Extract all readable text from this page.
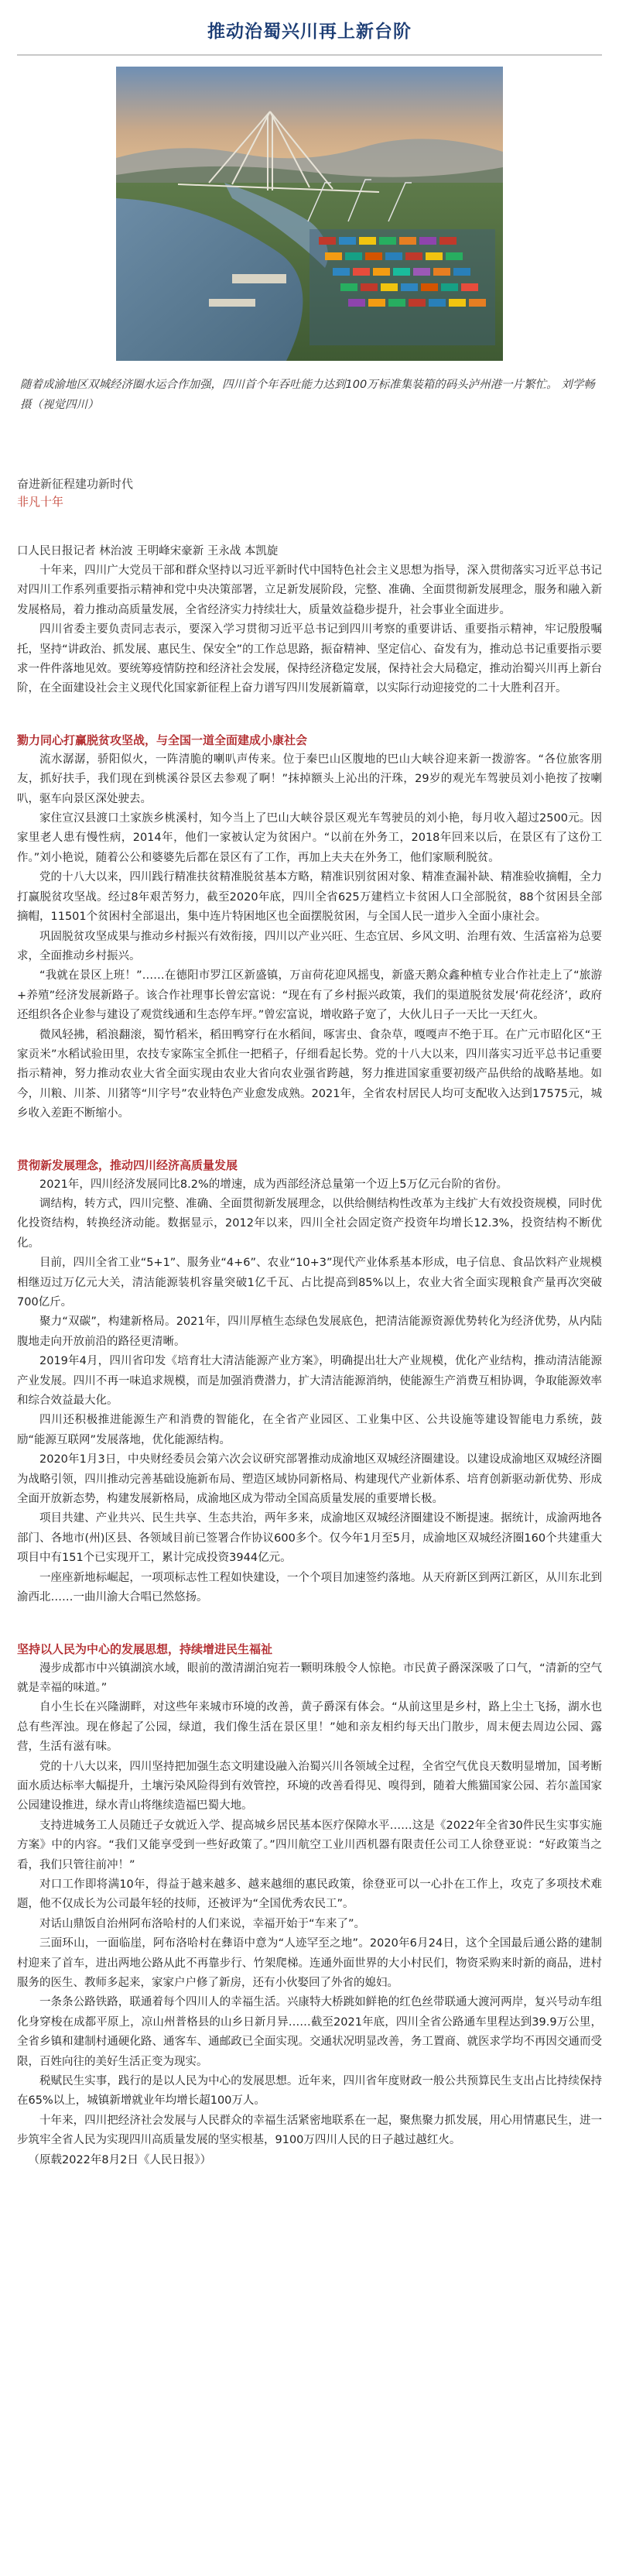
推动治蜀兴川再上新台阶
随着成渝地区双城经济圈水运合作加强，四川首个年吞吐能力达到100万标准集装箱的码头泸州港一片繁忙。 刘学畅 摄（视觉四川）
奋进新征程建功新时代
非凡十年
口人民日报记者 林治波 王明峰宋豪新 王永战 本凯旋

十年来，四川广大党员干部和群众坚持以习近平新时代中国特色社会主义思想为指导，深入贯彻落实习近平总书记对四川工作系列重要指示精神和党中央决策部署，立足新发展阶段，完整、准确、全面贯彻新发展理念，服务和融入新发展格局，着力推动高质量发展，全省经济实力持续壮大，质量效益稳步提升，社会事业全面进步。

四川省委主要负责同志表示，要深入学习贯彻习近平总书记到四川考察的重要讲话、重要指示精神，牢记殷殷嘱托，坚持“讲政治、抓发展、惠民生、保安全”的工作总思路，振奋精神、坚定信心、奋发有为，推动总书记重要指示要求一件件落地见效。要统筹疫情防控和经济社会发展，保持经济稳定发展，保持社会大局稳定，推动治蜀兴川再上新台阶，在全面建设社会主义现代化国家新征程上奋力谱写四川发展新篇章，以实际行动迎接党的二十大胜利召开。

勠力同心打赢脱贫攻坚战，与全国一道全面建成小康社会

流水潺潺，骄阳似火，一阵清脆的喇叭声传来。位于秦巴山区腹地的巴山大峡谷迎来新一拨游客。“各位旅客朋友，抓好扶手，我们现在到桃溪谷景区去参观了啊！”抹掉额头上沁出的汗珠，29岁的观光车驾驶员刘小艳按了按喇叭，驱车向景区深处驶去。

家住宣汉县渡口土家族乡桃溪村，知今当上了巴山大峡谷景区观光车驾驶员的刘小艳，每月收入超过2500元。因家里老人患有慢性病，2014年，他们一家被认定为贫困户。“以前在外务工，2018年回来以后，在景区有了这份工作。”刘小艳说，随着公公和婆婆先后都在景区有了工作，再加上夫夫在外务工，他们家顺利脱贫。

党的十八大以来，四川践行精准扶贫精准脱贫基本方略，精准识别贫困对象、精准查漏补缺、精准验收摘帽，全力打赢脱贫攻坚战。经过8年艰苦努力，截至2020年底，四川全省625万建档立卡贫困人口全部脱贫，88个贫困县全部摘帽，11501个贫困村全部退出，集中连片特困地区也全面摆脱贫困，与全国人民一道步入全面小康社会。

巩固脱贫攻坚成果与推动乡村振兴有效衔接，四川以产业兴旺、生态宜居、乡风文明、治理有效、生活富裕为总要求，全面推动乡村振兴。

“我就在景区上班！”……在德阳市罗江区新盛镇，万亩荷花迎风摇曳，新盛天鹅众鑫种植专业合作社走上了“旅游+养殖”经济发展新路子。该合作社理事长曾宏富说：“现在有了乡村振兴政策，我们的渠道脱贫发展‘荷花经济’，政府还组织各企业参与建设了观赏线通和生态停车坪。”曾宏富说，增收路子宽了，大伙儿日子一天比一天红火。

微风轻拂，稻浪翻滚，蜀竹稻米，稻田鸭穿行在水稻间，啄害虫、食杂草，嘎嘎声不绝于耳。在广元市昭化区“王家贡米”水稻试验田里，农技专家陈宝全抓住一把稻子，仔细看起长势。党的十八大以来，四川落实习近平总书记重要指示精神，努力推动农业大省全面实现由农业大省向农业强省跨越，努力推进国家重要初级产品供给的战略基地。如今，川粮、川茶、川猪等“川字号”农业特色产业愈发成熟。2021年，全省农村居民人均可支配收入达到17575元，城乡收入差距不断缩小。

贯彻新发展理念，推动四川经济高质量发展

2021年，四川经济发展同比8.2%的增速，成为西部经济总量第一个迈上5万亿元台阶的省份。

调结构，转方式，四川完整、准确、全面贯彻新发展理念，以供给侧结构性改革为主线扩大有效投资规模，同时优化投资结构，转换经济动能。数据显示，2012年以来，四川全社会固定资产投资年均增长12.3%，投资结构不断优化。

目前，四川全省工业“5+1”、服务业“4+6”、农业“10+3”现代产业体系基本形成，电子信息、食品饮料产业规模相继迈过万亿元大关，清洁能源装机容量突破1亿千瓦、占比提高到85%以上，农业大省全面实现粮食产量再次突破700亿斤。

聚力“双碳”，构建新格局。2021年，四川厚植生态绿色发展底色，把清洁能源资源优势转化为经济优势，从内陆腹地走向开放前沿的路径更清晰。

2019年4月，四川省印发《培育壮大清洁能源产业方案》，明确提出壮大产业规模，优化产业结构，推动清洁能源产业发展。四川不再一味追求规模，而是加强消费潜力，扩大清洁能源消纳，使能源生产消费互相协调，争取能源效率和综合效益最大化。

四川还积极推进能源生产和消费的智能化，在全省产业园区、工业集中区、公共设施等建设智能电力系统，鼓励“能源互联网”发展落地，优化能源结构。

2020年1月3日，中央财经委员会第六次会议研究部署推动成渝地区双城经济圈建设。以建设成渝地区双城经济圈为战略引领，四川推动完善基础设施新布局、塑造区域协同新格局、构建现代产业新体系、培育创新驱动新优势、形成全面开放新态势，构建发展新格局，成渝地区成为带动全国高质量发展的重要增长极。

项目共建、产业共兴、民生共享、生态共治，两年多来，成渝地区双城经济圈建设不断提速。据统计，成渝两地各部门、各地市(州)区县、各领域目前已签署合作协议600多个。仅今年1月至5月，成渝地区双城经济圈160个共建重大项目中有151个已实现开工，累计完成投资3944亿元。

一座座新地标崛起，一项项标志性工程如快建设，一个个项目加速签约落地。从天府新区到两江新区，从川东北到渝西北……一曲川渝大合唱已然悠扬。

坚持以人民为中心的发展思想，持续增进民生福祉

漫步成都市中兴镇湖滨水域，眼前的澂清湖泊宛若一颗明珠般令人惊艳。市民黄子爵深深吸了口气，“清新的空气就是幸福的味道。”

自小生长在兴隆湖畔，对这些年来城市环境的改善，黄子爵深有体会。“从前这里是乡村，路上尘土飞扬，湖水也总有些浑浊。现在修起了公园，绿道，我们像生活在景区里！”她和亲友相约每天出门散步，周末便去周边公园、露营，生活有滋有味。

党的十八大以来，四川坚持把加强生态文明建设融入治蜀兴川各领域全过程，全省空气优良天数明显增加，国考断面水质达标率大幅提升，土壤污染风险得到有效管控，环境的改善看得见、嗅得到，随着大熊猫国家公园、若尔盖国家公园建设推进，绿水青山将继续造福巴蜀大地。

支持进城务工人员随迁子女就近入学、提高城乡居民基本医疗保障水平……这是《2022年全省30件民生实事实施方案》中的内容。“我们又能享受到一些好政策了。”四川航空工业川西机器有限责任公司工人徐登亚说：“好政策当之看，我们只管往前冲！”

对口工作即将满10年，得益于越来越多、越来越细的惠民政策，徐登亚可以一心扑在工作上，攻克了多项技术难题，他不仅成长为公司最年轻的技师，还被评为“全国优秀农民工”。

对话山鼎饭自治州阿布洛哈村的人们来说，幸福开始于“车来了”。

三面环山，一面临崖，阿布洛哈村在彝语中意为“人迹罕至之地”。2020年6月24日，这个全国最后通公路的建制村迎来了首车，进出两地公路从此不再靠步行、竹架爬梯。连通外面世界的大小村民们，物资采购来时新的商品，进村服务的医生、教师多起来，家家户户修了新房，还有小伙娶回了外省的媳妇。

一条条公路铁路，联通着每个四川人的幸福生活。兴康特大桥跳如鲜艳的红色丝带联通大渡河两岸，复兴号动车组化身穿梭在成都平原上，凉山州普格县的山乡日新月异……截至2021年底，四川全省公路通车里程达到39.9万公里，全省乡镇和建制村通硬化路、通客车、通邮政已全面实现。交通状况明显改善，务工置商、就医求学均不再因交通而受限，百姓向往的美好生活正变为现实。

税赋民生实事，践行的是以人民为中心的发展思想。近年来，四川省年度财政一般公共预算民生支出占比持续保持在65%以上，城镇新增就业年均增长超100万人。

十年来，四川把经济社会发展与人民群众的幸福生活紧密地联系在一起，聚焦聚力抓发展，用心用情惠民生，进一步筑牢全省人民为实现四川高质量发展的坚实根基，9100万四川人民的日子越过越红火。

（原载2022年8月2日《人民日报》）
